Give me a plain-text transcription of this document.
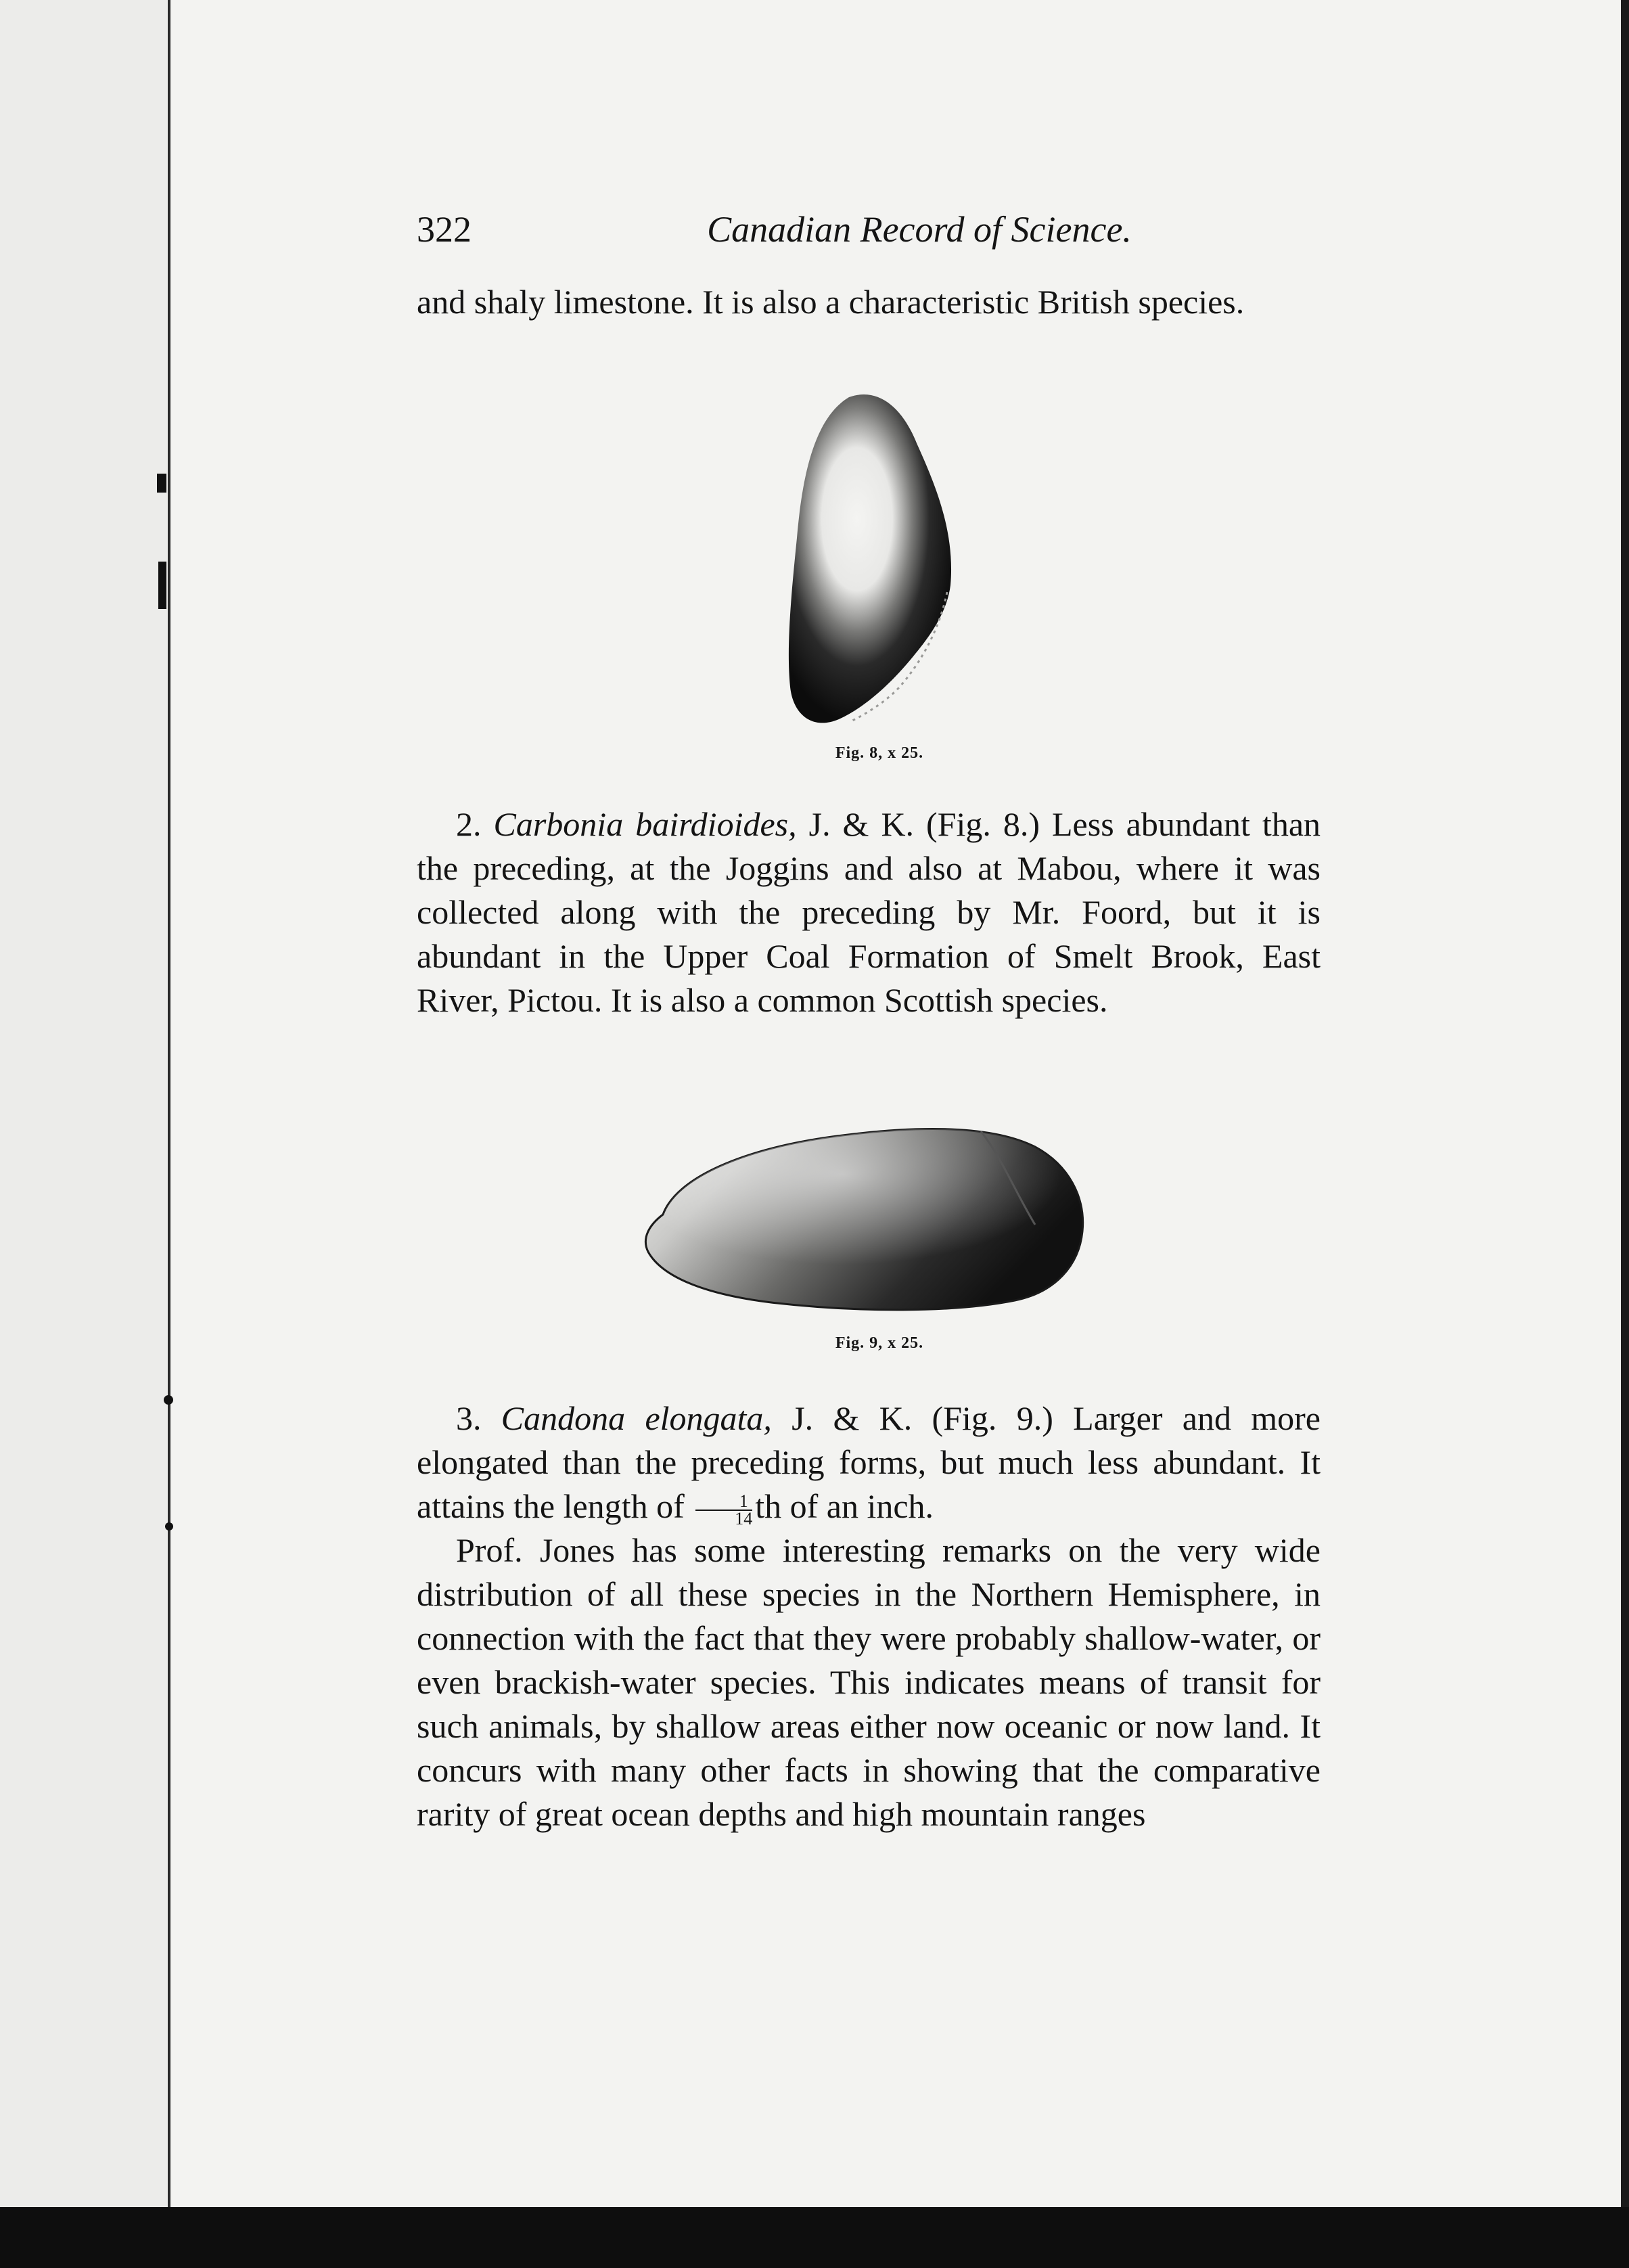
322	Canadian Record of Science.

and shaly limestone. It is also a characteristic British species.

Fig. 8, x 25.

2. Carbonia bairdioides, J. & K. (Fig. 8.) Less abundant than the preceding, at the Joggins and also at Mabou, where it was collected along with the preceding by Mr. Foord, but it is abundant in the Upper Coal Formation of Smelt Brook, East River, Pictou. It is also a common Scottish species.

Fig. 9, x 25.

3. Candona elongata, J. & K. (Fig. 9.) Larger and more elongated than the preceding forms, but much less abundant. It attains the length of $\frac{1}{14}$ th of an inch.

Prof. Jones has some interesting remarks on the very wide distribution of all these species in the Northern Hemisphere, in connection with the fact that they were probably shallow-water, or even brackish-water species. This indicates means of transit for such animals, by shallow areas either now oceanic or now land. It concurs with many other facts in showing that the comparative rarity of great ocean depths and high mountain ranges
